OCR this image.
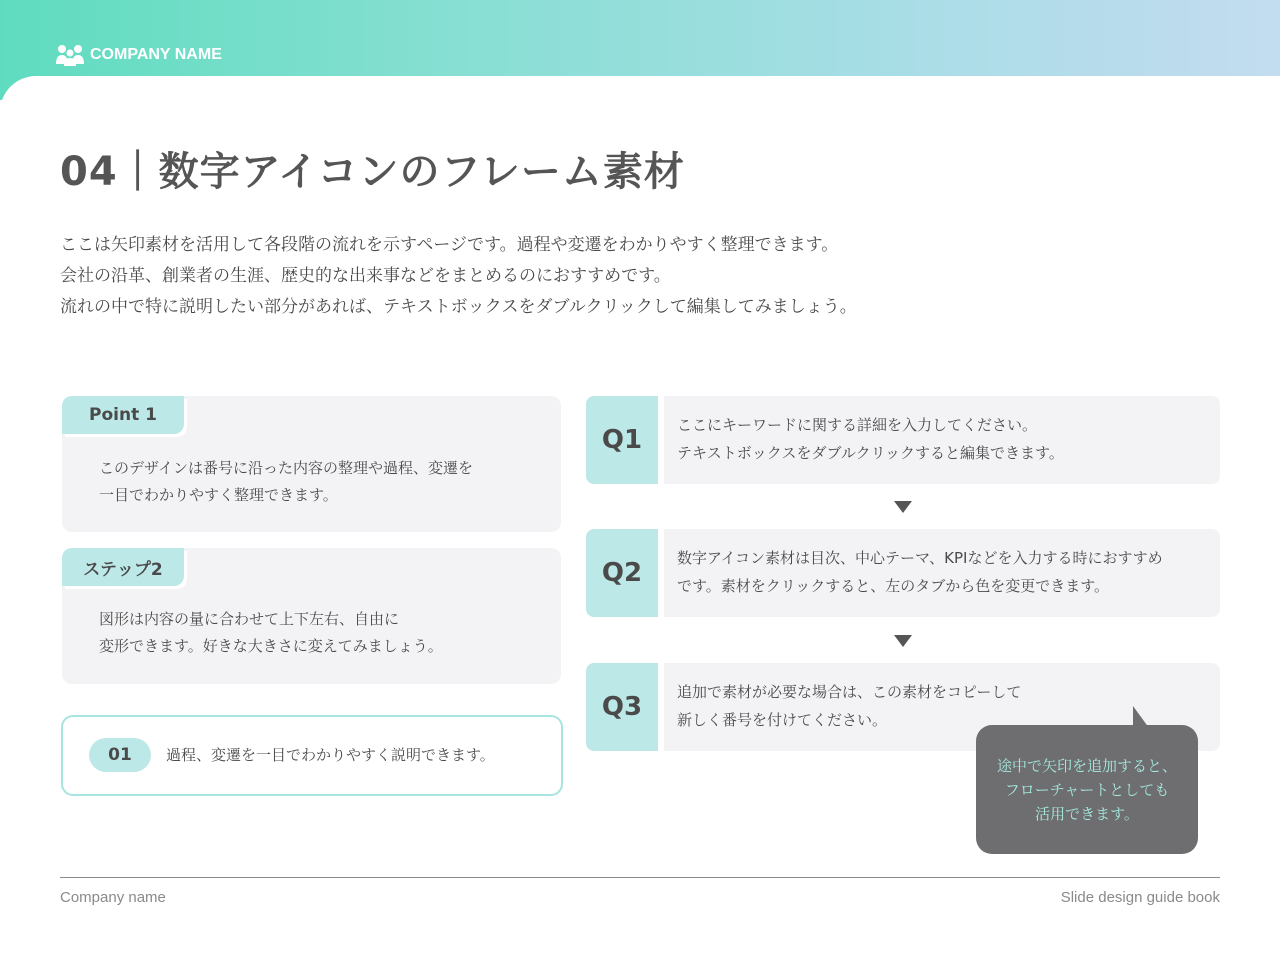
COMPANY NAME
04｜数字アイコンのフレーム素材
ここは矢印素材を活用して各段階の流れを示すページです。過程や変遷をわかりやすく整理できます。
会社の沿革、創業者の生涯、歴史的な出来事などをまとめるのにおすすめです。
流れの中で特に説明したい部分があれば、テキストボックスをダブルクリックして編集してみましょう。
Point 1
このデザインは番号に沿った内容の整理や過程、変遷を
一目でわかりやすく整理できます。
ステップ2
図形は内容の量に合わせて上下左右、自由に
変形できます。好きな大きさに変えてみましょう。
01	過程、変遷を一目でわかりやすく説明できます。
Q1	ここにキーワードに関する詳細を入力してください。
テキストボックスをダブルクリックすると編集できます。
Q2	数字アイコン素材は目次、中心テーマ、KPIなどを入力する時におすすめ
です。素材をクリックすると、左のタブから色を変更できます。
Q3	追加で素材が必要な場合は、この素材をコピーして
新しく番号を付けてください。
途中で矢印を追加すると、
フローチャートとしても
活用できます。
Company name	Slide design guide book
